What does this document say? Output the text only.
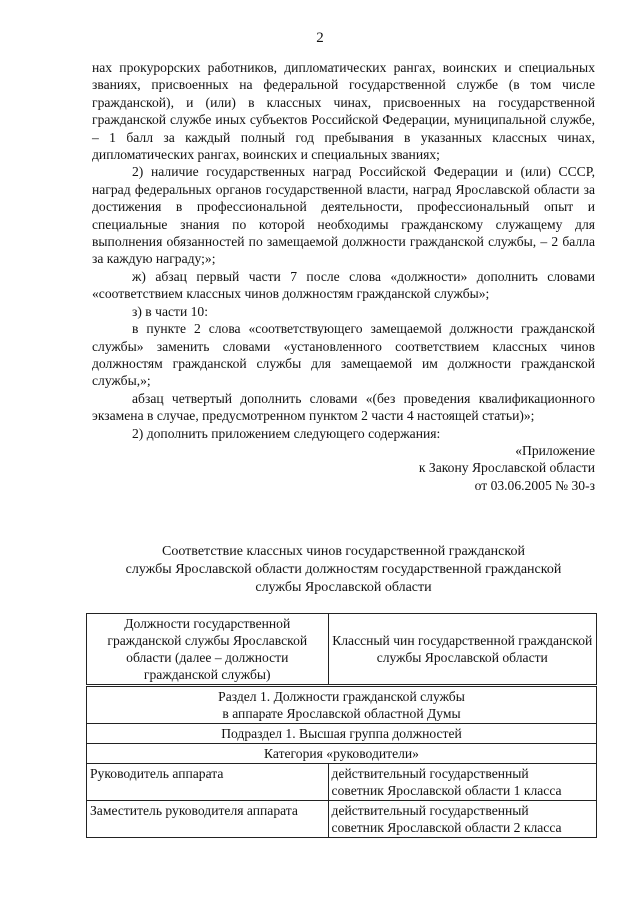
2

нах прокурорских работников, дипломатических рангах, воинских и специальных званиях, присвоенных на федеральной государственной службе (в том числе гражданской), и (или) в классных чинах, присвоенных на государственной гражданской службе иных субъектов Российской Федерации, муниципальной службе, – 1 балл за каждый полный год пребывания в указанных классных чинах, дипломатических рангах, воинских и специальных званиях;

2) наличие государственных наград Российской Федерации и (или) СССР, наград федеральных органов государственной власти, наград Ярославской области за достижения в профессиональной деятельности, профессиональный опыт и специальные знания по которой необходимы гражданскому служащему для выполнения обязанностей по замещаемой должности гражданской службы, – 2 балла за каждую награду;»;

ж) абзац первый части 7 после слова «должности» дополнить словами «соответствием классных чинов должностям гражданской службы»;

з) в части 10:

в пункте 2 слова «соответствующего замещаемой должности гражданской службы» заменить словами «установленного соответствием классных чинов должностям гражданской службы для замещаемой им должности гражданской службы,»;

абзац четвертый дополнить словами «(без проведения квалификационного экзамена в случае, предусмотренном пунктом 2 части 4 настоящей статьи)»;

2) дополнить приложением следующего содержания:

«Приложение

к Закону Ярославской области

от 03.06.2005 № 30-з

Соответствие классных чинов государственной гражданской
службы Ярославской области должностям государственной гражданской
службы Ярославской области
Должности государственной гражданской службы Ярославской области (далее – должности гражданской службы)	Классный чин государственной гражданской службы Ярославской области

Раздел 1. Должности гражданской службы
в аппарате Ярославской областной Думы	

Подраздел 1. Высшая группа должностей	
Категория «руководители»	
Руководитель аппарата	действительный государственный
советник Ярославской области 1 класса

Заместитель руководителя аппарата	действительный государственный
советник Ярославской области 2 класса
